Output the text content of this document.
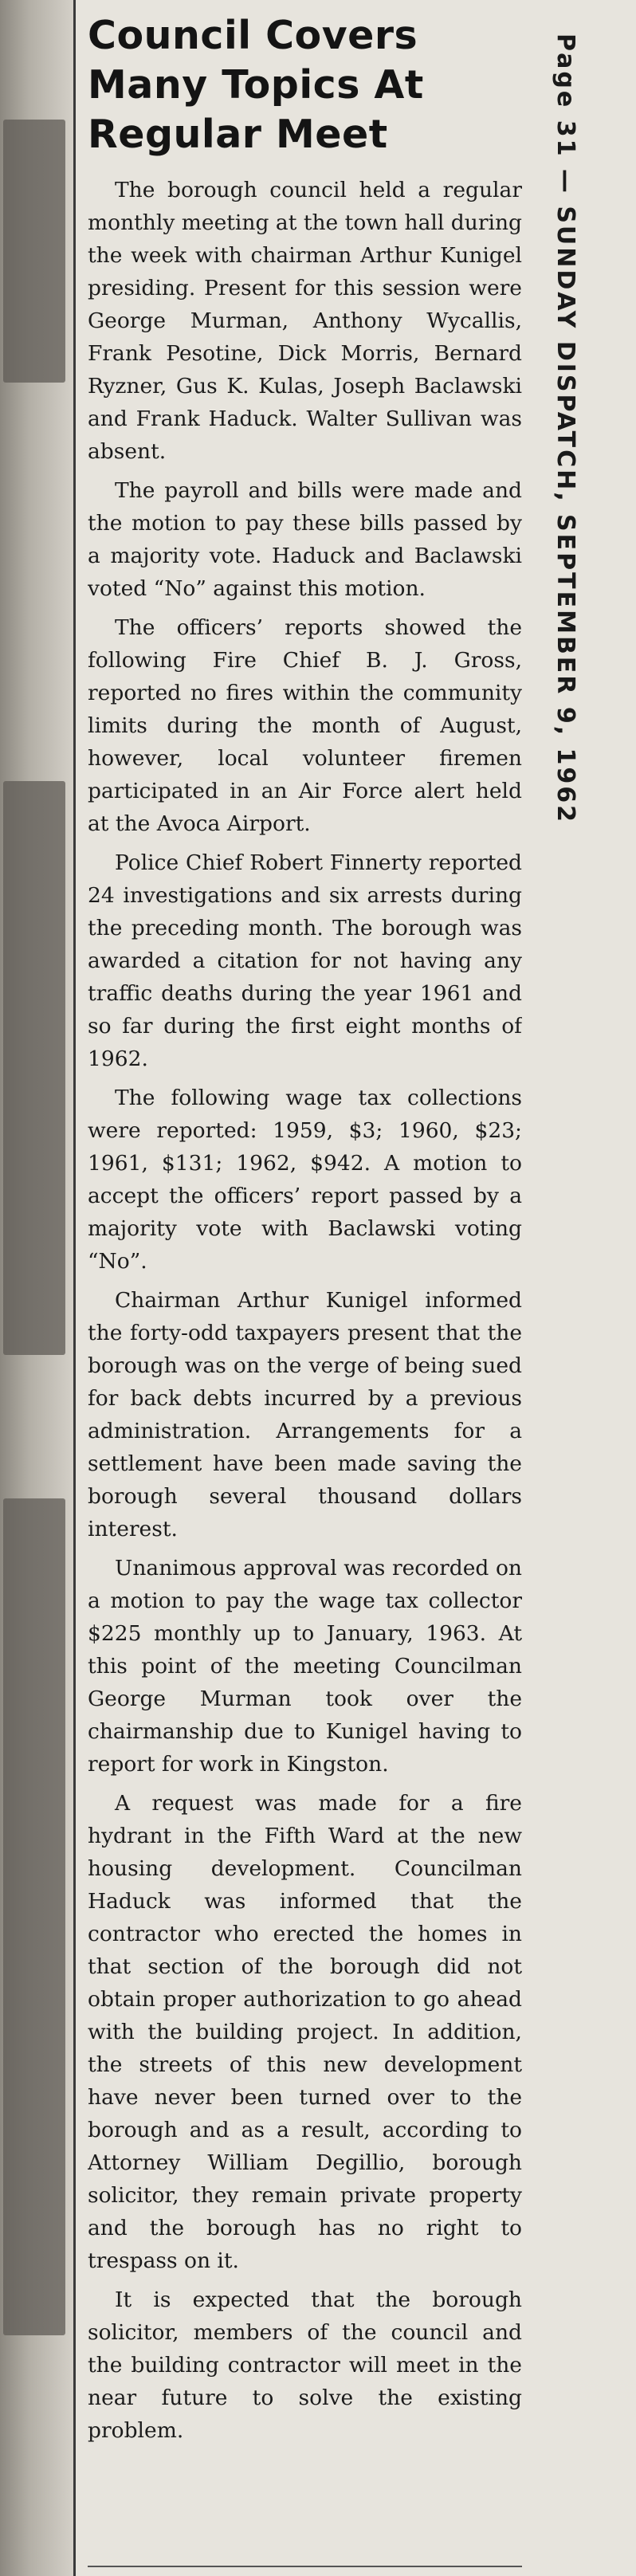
Council Covers Many Topics At Regular Meet

The borough council held a regular monthly meeting at the town hall during the week with chairman Arthur Kunigel presiding. Present for this session were George Murman, Anthony Wycallis, Frank Pesotine, Dick Morris, Bernard Ryzner, Gus K. Kulas, Joseph Baclawski and Frank Haduck. Walter Sullivan was absent.

The payroll and bills were made and the motion to pay these bills passed by a majority vote. Haduck and Baclawski voted “No” against this motion.

The officers’ reports showed the following Fire Chief B. J. Gross, reported no fires within the community limits during the month of August, however, local volunteer firemen participated in an Air Force alert held at the Avoca Airport.

Police Chief Robert Finnerty reported 24 investigations and six arrests during the preceding month. The borough was awarded a citation for not having any traffic deaths during the year 1961 and so far during the first eight months of 1962.

The following wage tax collections were reported: 1959, $3; 1960, $23; 1961, $131; 1962, $942. A motion to accept the officers’ report passed by a majority vote with Baclawski voting “No”.

Chairman Arthur Kunigel informed the forty-odd taxpayers present that the borough was on the verge of being sued for back debts incurred by a previous administration. Arrangements for a settlement have been made saving the borough several thousand dollars interest.

Unanimous approval was recorded on a motion to pay the wage tax collector $225 monthly up to January, 1963. At this point of the meeting Councilman George Murman took over the chairmanship due to Kunigel having to report for work in Kingston.

A request was made for a fire hydrant in the Fifth Ward at the new housing development. Councilman Haduck was informed that the contractor who erected the homes in that section of the borough did not obtain proper authorization to go ahead with the building project. In addition, the streets of this new development have never been turned over to the borough and as a result, according to Attorney William Degillio, borough solicitor, they remain private property and the borough has no right to trespass on it.

It is expected that the borough solicitor, members of the council and the building contractor will meet in the near future to solve the existing problem.

Page 31 — SUNDAY DISPATCH, SEPTEMBER 9, 1962
